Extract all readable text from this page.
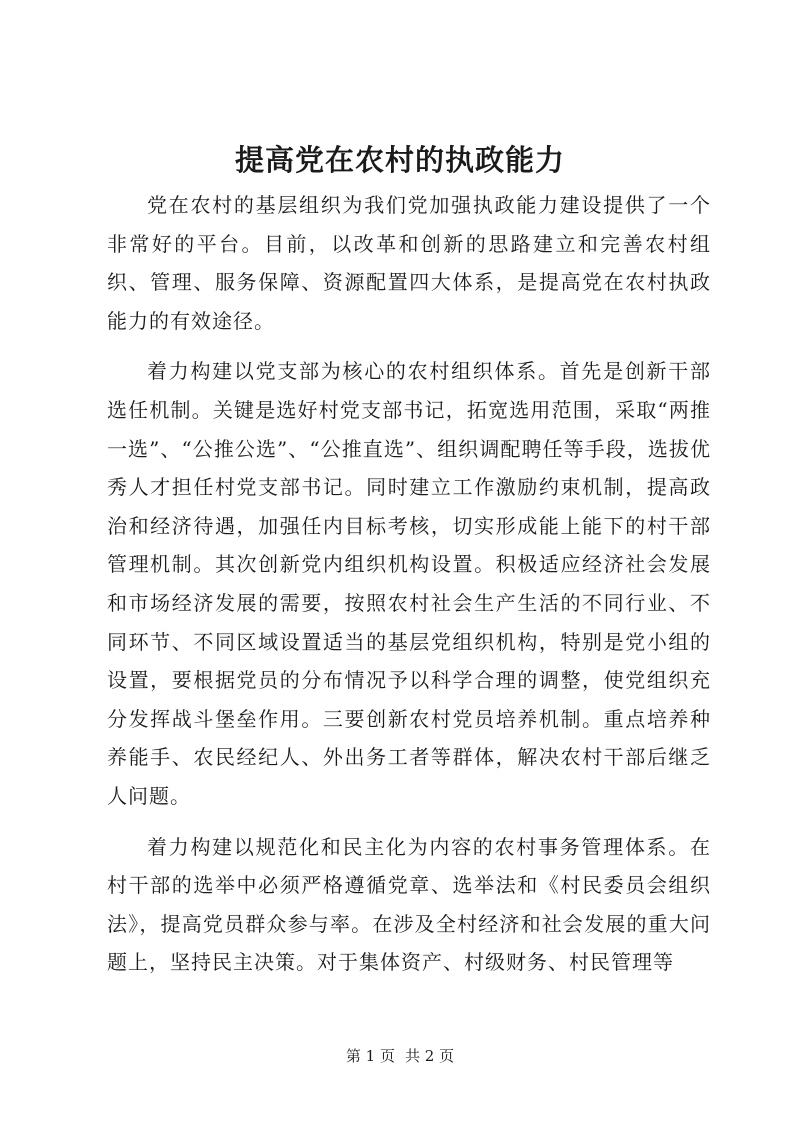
提高党在农村的执政能力

党在农村的基层组织为我们党加强执政能力建设提供了一个非常好的平台。目前，以改革和创新的思路建立和完善农村组织、管理、服务保障、资源配置四大体系，是提高党在农村执政能力的有效途径。

着力构建以党支部为核心的农村组织体系。首先是创新干部选任机制。关键是选好村党支部书记，拓宽选用范围，采取“两推一选”、“公推公选”、“公推直选”、组织调配聘任等手段，选拔优秀人才担任村党支部书记。同时建立工作激励约束机制，提高政治和经济待遇，加强任内目标考核，切实形成能上能下的村干部管理机制。其次创新党内组织机构设置。积极适应经济社会发展和市场经济发展的需要，按照农村社会生产生活的不同行业、不同环节、不同区域设置适当的基层党组织机构，特别是党小组的设置，要根据党员的分布情况予以科学合理的调整，使党组织充分发挥战斗堡垒作用。三要创新农村党员培养机制。重点培养种养能手、农民经纪人、外出务工者等群体，解决农村干部后继乏人问题。

着力构建以规范化和民主化为内容的农村事务管理体系。在村干部的选举中必须严格遵循党章、选举法和《村民委员会组织法》，提高党员群众参与率。在涉及全村经济和社会发展的重大问题上，坚持民主决策。对于集体资产、村级财务、村民管理等

第 1 页 共 2 页
